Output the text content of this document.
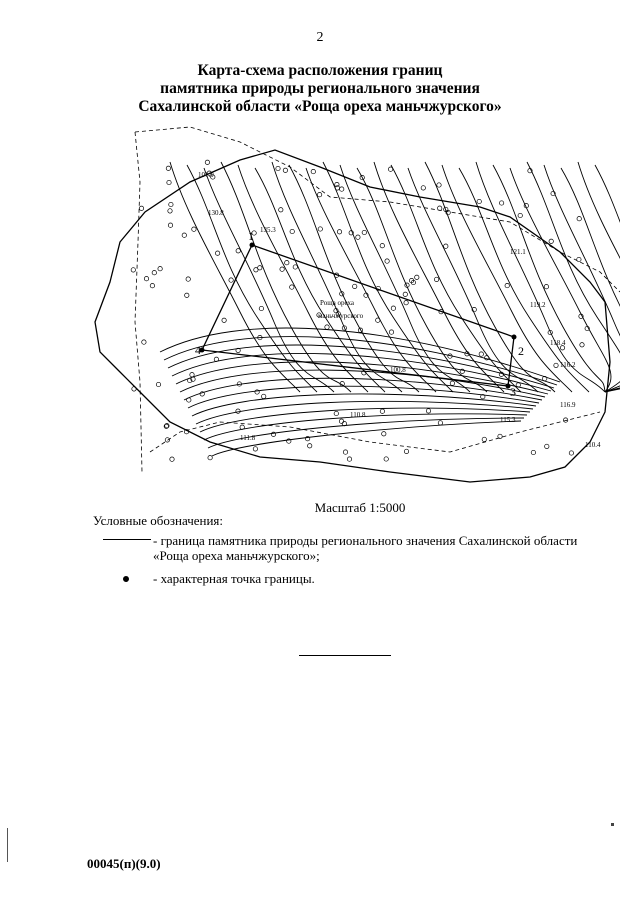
2
Карта-схема расположения границ
памятника природы регионального значения
Сахалинской области «Роща ореха маньчжурского»
101.9
130.8
135.3
121.1
119.2
118.4
116.2
100.8
116.9
115.3
110.8
111.8
110.4
1
2
3
4
Роща ореха
маньчжурского
Масштаб 1:5000
Условные обозначения:
- граница памятника природы регионального значения Сахалинской области «Роща ореха маньчжурского»;
- характерная точка границы.
00045(п)(9.0)
